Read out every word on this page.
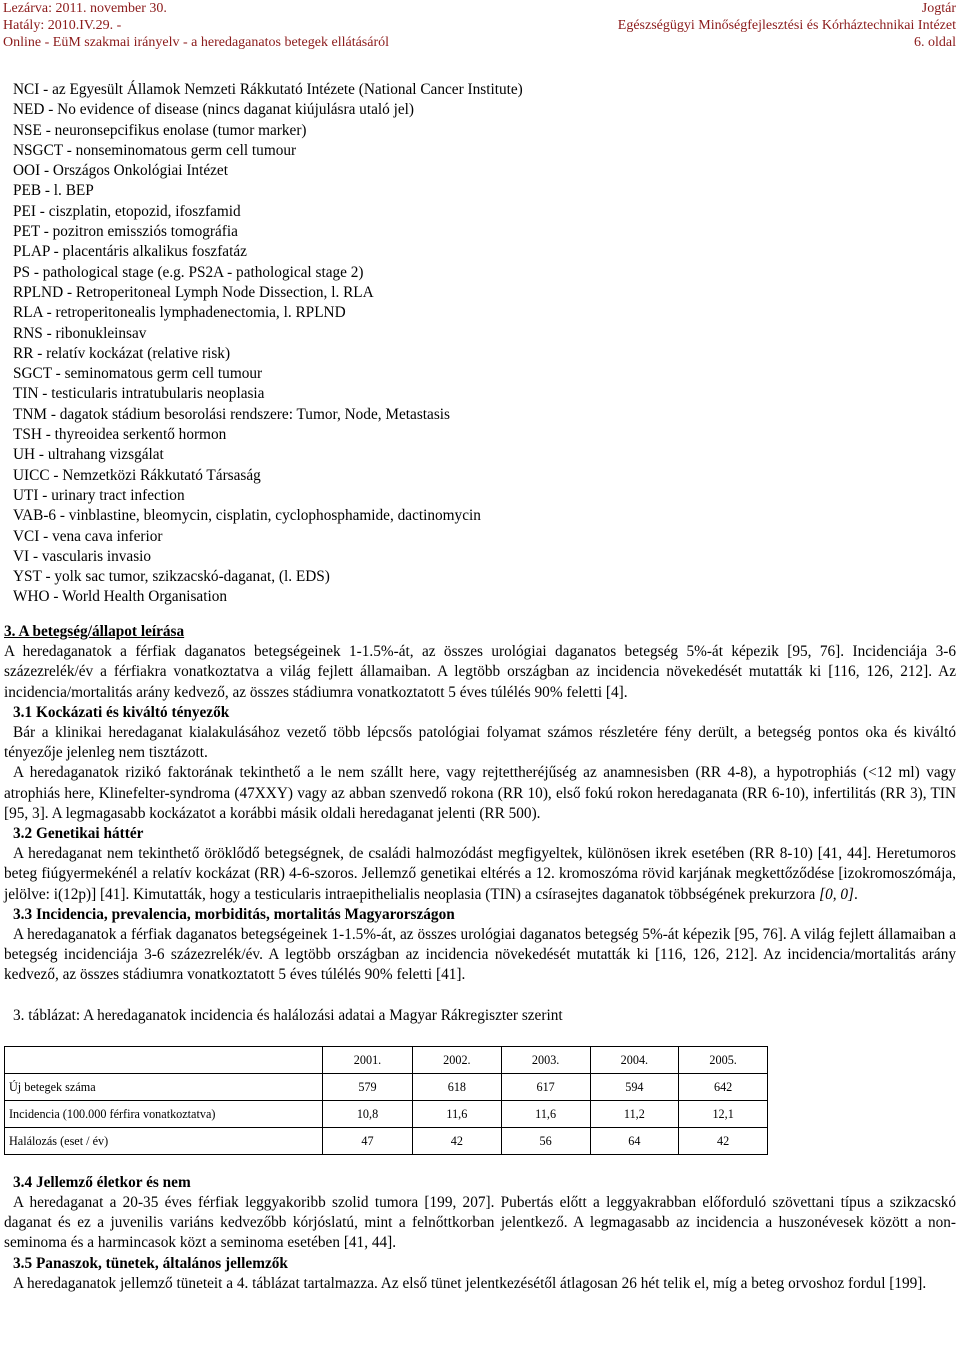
Lezárva: 2011. november 30.
Hatály: 2010.IV.29. -
Online - EüM szakmai irányelv - a heredaganatos betegek ellátásáról
Jogtár
Egészségügyi Minőségfejlesztési és Kórháztechnikai Intézet
6. oldal
NCI - az Egyesült Államok Nemzeti Rákkutató Intézete (National Cancer Institute)
NED - No evidence of disease (nincs daganat kiújulásra utaló jel)
NSE - neuronsepcifikus enolase (tumor marker)
NSGCT - nonseminomatous germ cell tumour
OOI - Országos Onkológiai Intézet
PEB - l. BEP
PEI - ciszplatin, etopozid, ifoszfamid
PET - pozitron emissziós tomográfia
PLAP - placentáris alkalikus foszfatáz
PS - pathological stage (e.g. PS2A - pathological stage 2)
RPLND - Retroperitoneal Lymph Node Dissection, l. RLA
RLA - retroperitonealis lymphadenectomia, l. RPLND
RNS - ribonukleinsav
RR - relatív kockázat (relative risk)
SGCT - seminomatous germ cell tumour
TIN - testicularis intratubularis neoplasia
TNM - dagatok stádium besorolási rendszere: Tumor, Node, Metastasis
TSH - thyreoidea serkentő hormon
UH - ultrahang vizsgálat
UICC - Nemzetközi Rákkutató Társaság
UTI - urinary tract infection
VAB-6 - vinblastine, bleomycin, cisplatin, cyclophosphamide, dactinomycin
VCI - vena cava inferior
VI - vascularis invasio
YST - yolk sac tumor, szikzacskó-daganat, (l. EDS)
WHO - World Health Organisation

3. A betegség/állapot leírása

A heredaganatok a férfiak daganatos betegségeinek 1-1.5%-át, az összes urológiai daganatos betegség 5%-át képezik [95, 76]. Incidenciája 3-6 százezrelék/év a férfiakra vonatkoztatva a világ fejlett államaiban. A legtöbb országban az incidencia növekedését mutatták ki [116, 126, 212]. Az incidencia/mortalitás arány kedvező, az összes stádiumra vonatkoztatott 5 éves túlélés 90% feletti [4].

3.1 Kockázati és kiváltó tényezők

Bár a klinikai heredaganat kialakulásához vezető több lépcsős patológiai folyamat számos részletére fény derült, a betegség pontos oka és kiváltó tényezője jelenleg nem tisztázott.

A heredaganatok rizikó faktorának tekinthető a le nem szállt here, vagy rejtettheréjűség az anamnesisben (RR 4-8), a hypotrophiás (<12 ml) vagy atrophiás here, Klinefelter-syndroma (47XXY) vagy az abban szenvedő rokona (RR 10), első fokú rokon heredaganata (RR 6-10), infertilitás (RR 3), TIN [95, 3]. A legmagasabb kockázatot a korábbi másik oldali heredaganat jelenti (RR 500).

3.2 Genetikai háttér

A heredaganat nem tekinthető öröklődő betegségnek, de családi halmozódást megfigyeltek, különösen ikrek esetében (RR 8-10) [41, 44]. Heretumoros beteg fiúgyermekénél a relatív kockázat (RR) 4-6-szoros. Jellemző genetikai eltérés a 12. kromoszóma rövid karjának megkettőződése [izokromoszómája, jelölve: i(12p)] [41]. Kimutatták, hogy a testicularis intraepithelialis neoplasia (TIN) a csírasejtes daganatok többségének prekurzora [0, 0].

3.3 Incidencia, prevalencia, morbiditás, mortalitás Magyarországon

A heredaganatok a férfiak daganatos betegségeinek 1-1.5%-át, az összes urológiai daganatos betegség 5%-át képezik [95, 76]. A világ fejlett államaiban a betegség incidenciája 3-6 százezrelék/év. A legtöbb országban az incidencia növekedését mutatták ki [116, 126, 212]. Az incidencia/mortalitás arány kedvező, az összes stádiumra vonatkoztatott 5 éves túlélés 90% feletti [41].

3. táblázat: A heredaganatok incidencia és halálozási adatai a Magyar Rákregiszter szerint

	2001.	2002.	2003.	2004.	2005.
Új betegek száma	579	618	617	594	642
Incidencia (100.000 férfira vonatkoztatva)	10,8	11,6	11,6	11,2	12,1
Halálozás (eset / év)	47	42	56	64	42

3.4 Jellemző életkor és nem

A heredaganat a 20-35 éves férfiak leggyakoribb szolid tumora [199, 207]. Pubertás előtt a leggyakrabban előforduló szövettani típus a szikzacskó daganat és ez a juvenilis variáns kedvezőbb kórjóslatú, mint a felnőttkorban jelentkező. A legmagasabb az incidencia a huszonévesek között a non-seminoma és a harmincasok közt a seminoma esetében [41, 44].

3.5 Panaszok, tünetek, általános jellemzők

A heredaganatok jellemző tüneteit a 4. táblázat tartalmazza. Az első tünet jelentkezésétől átlagosan 26 hét telik el, míg a beteg orvoshoz fordul [199].
